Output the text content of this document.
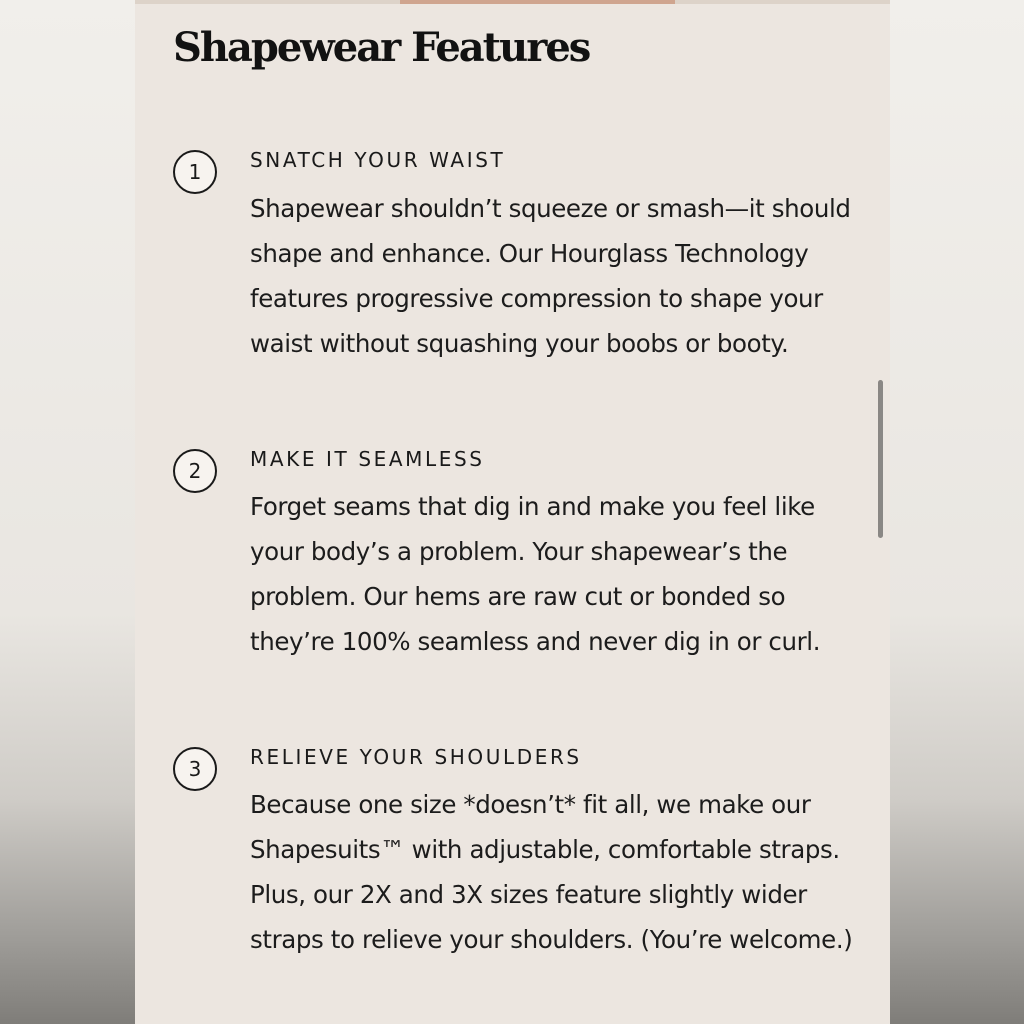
Shapewear Features
1	SNATCH YOUR WAIST

Shapewear shouldn’t squeeze or smash—it should shape and enhance. Our Hourglass Technology features progressive compression to shape your waist without squashing your boobs or booty.

2	MAKE IT SEAMLESS

Forget seams that dig in and make you feel like your body’s a problem. Your shapewear’s the problem. Our hems are raw cut or bonded so they’re 100% seamless and never dig in or curl.

3	RELIEVE YOUR SHOULDERS

Because one size *doesn’t* fit all, we make our Shapesuits™ with adjustable, comfortable straps. Plus, our 2X and 3X sizes feature slightly wider straps to relieve your shoulders. (You’re welcome.)
